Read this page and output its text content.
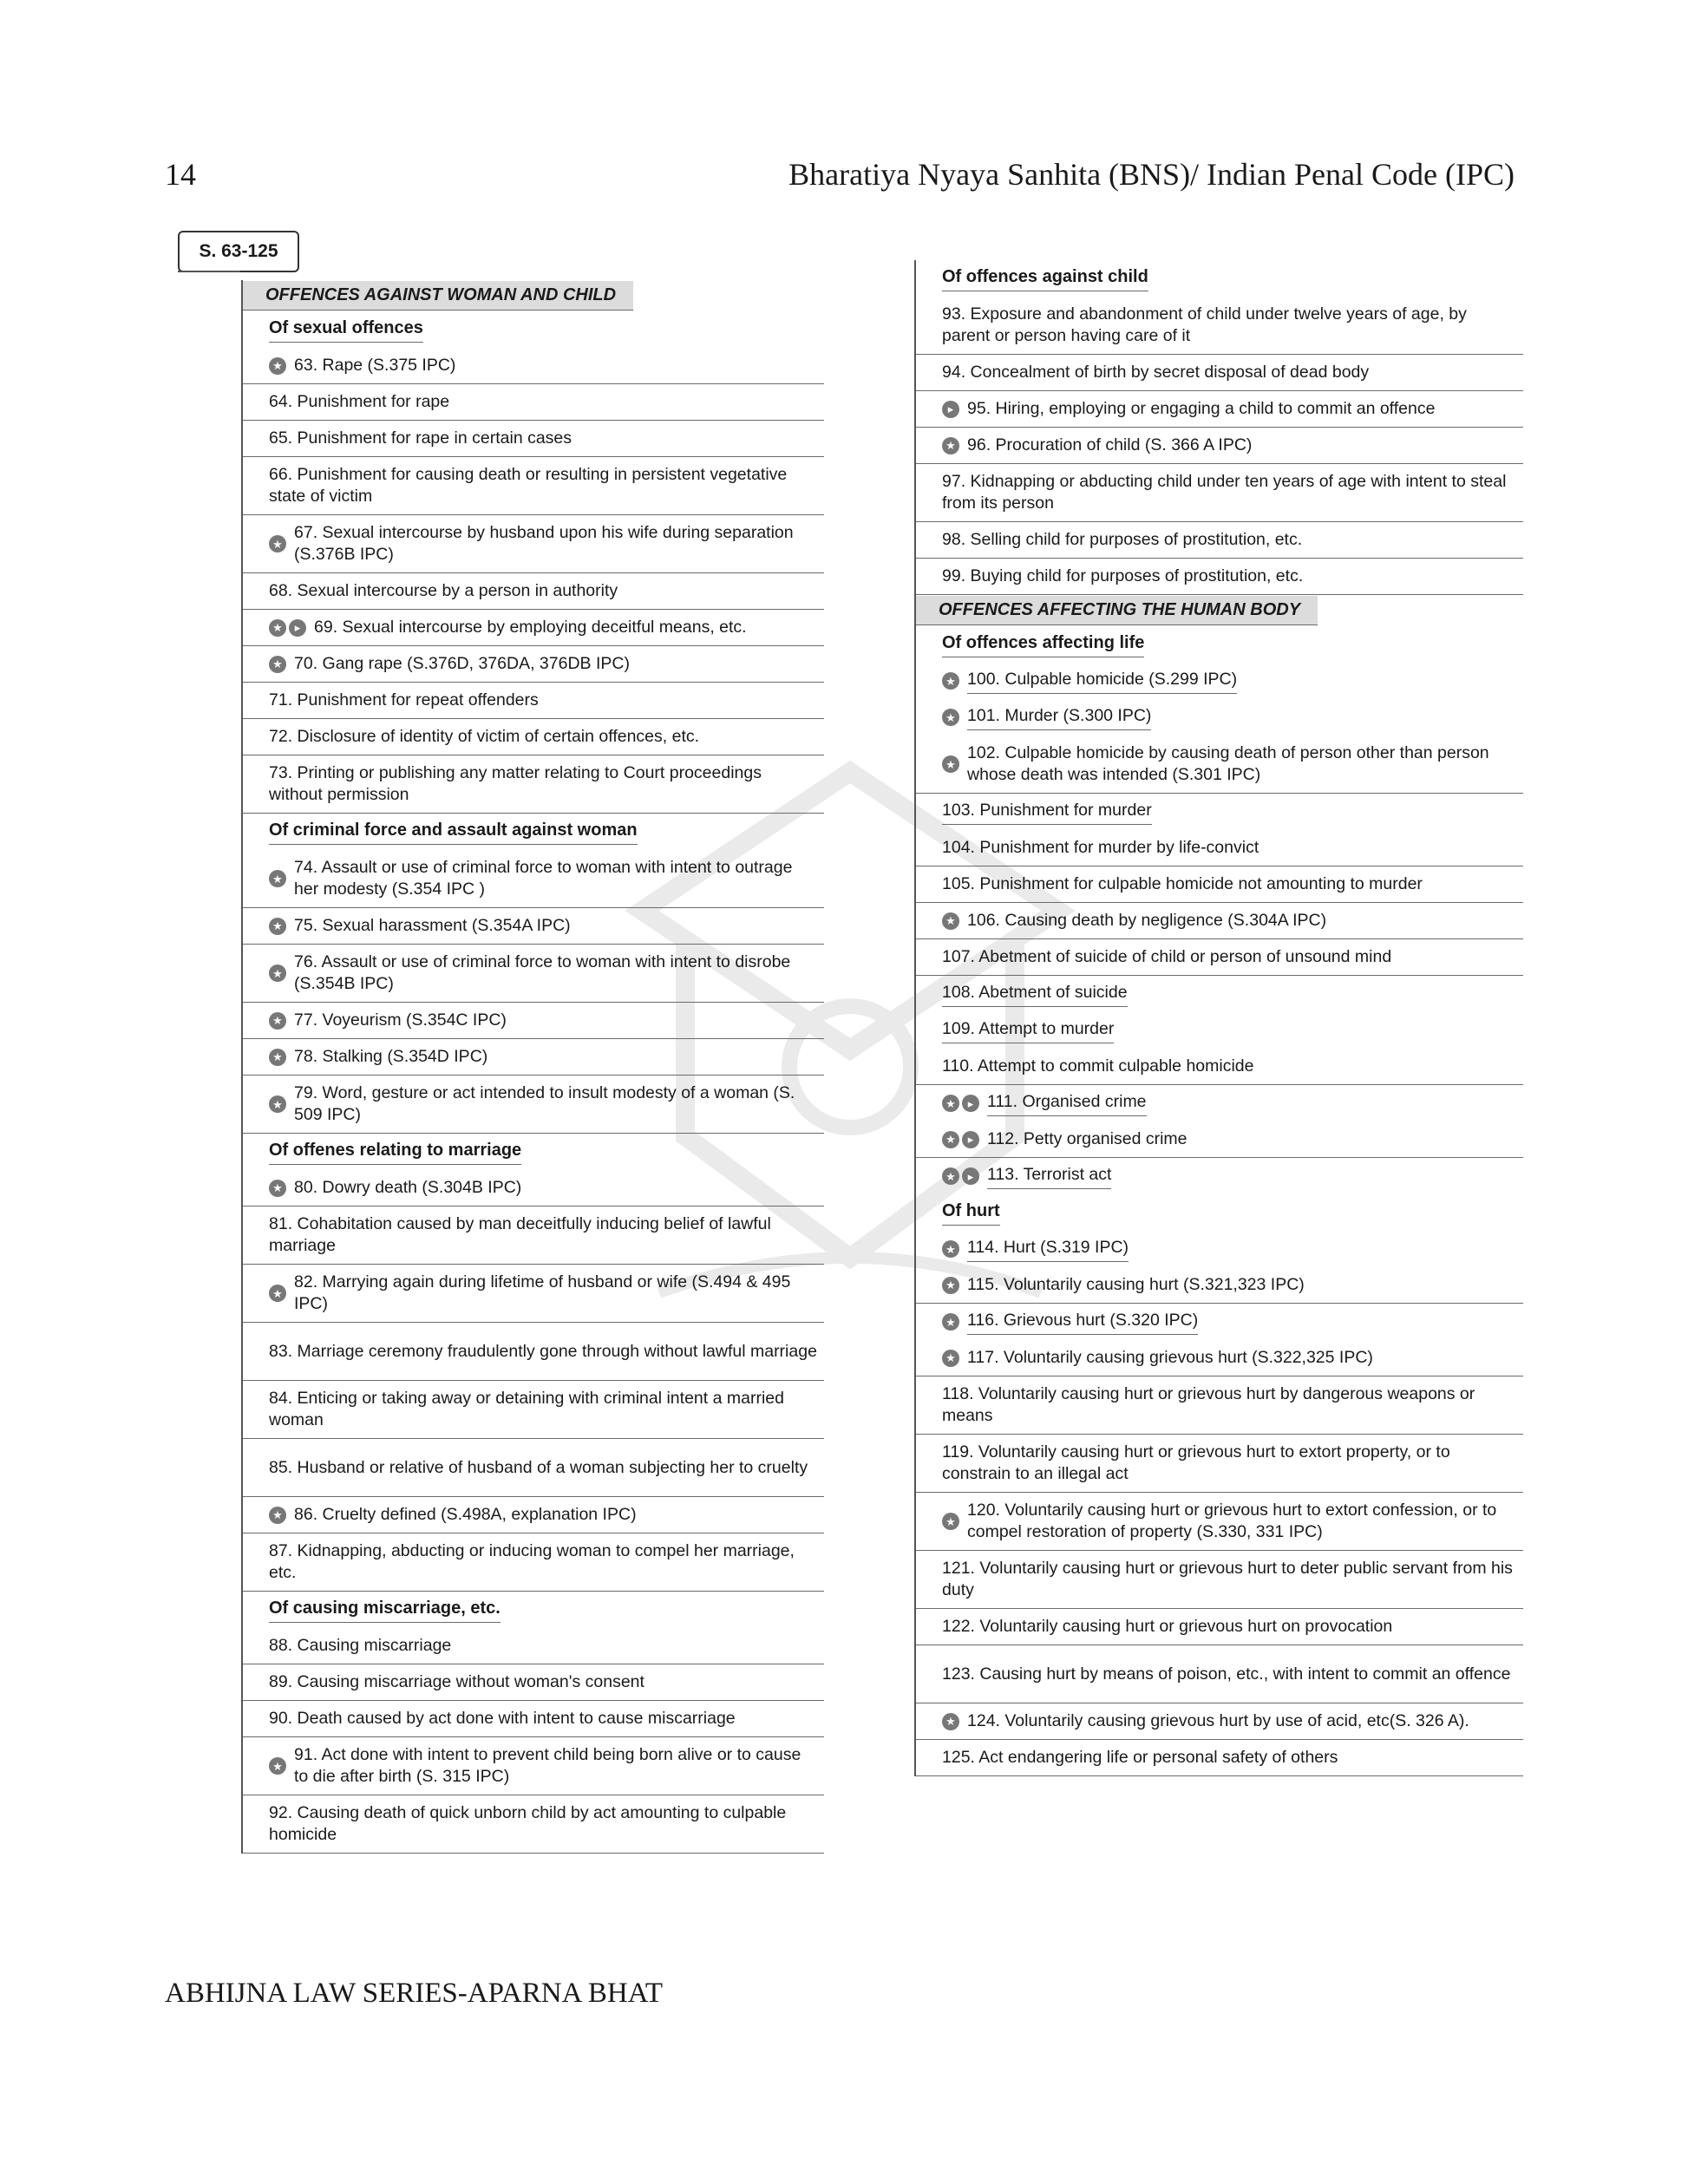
14	Bharatiya Nyaya Sanhita (BNS)/ Indian Penal Code (IPC)
S. 63-125
OFFENCES AGAINST WOMAN AND CHILD
Of sexual offences
★ 63. Rape (S.375 IPC)
64. Punishment for rape
65. Punishment for rape in certain cases
66. Punishment for causing death or resulting in persistent vegetative state of victim
★
67. Sexual intercourse by husband upon his wife during separation (S.376B IPC)
68. Sexual intercourse by a person in authority
★	▸ 69. Sexual intercourse by employing deceitful means, etc.
★ 70. Gang rape (S.376D, 376DA, 376DB IPC)
71. Punishment for repeat offenders
72. Disclosure of identity of victim of certain offences, etc.
73. Printing or publishing any matter relating to Court proceedings without permission
Of criminal force and assault against woman
★
74. Assault or use of criminal force to woman with intent to outrage her modesty (S.354 IPC )
★ 75. Sexual harassment (S.354A IPC)
★
76. Assault or use of criminal force to woman with intent to disrobe (S.354B IPC)
★ 77. Voyeurism (S.354C IPC)
★ 78. Stalking (S.354D IPC)
★
79. Word, gesture or act intended to insult modesty of a woman (S. 509 IPC)
Of offenes relating to marriage
★ 80. Dowry death (S.304B IPC)
81. Cohabitation caused by man deceitfully inducing belief of lawful marriage
★
82. Marrying again during lifetime of husband or wife (S.494 & 495 IPC)
83. Marriage ceremony fraudulently gone through without lawful marriage
84. Enticing or taking away or detaining with criminal intent a married woman
85. Husband or relative of husband of a woman subjecting her to cruelty
★ 86. Cruelty defined (S.498A, explanation IPC)
87. Kidnapping, abducting or inducing woman to compel her marriage, etc.
Of causing miscarriage, etc.
88. Causing miscarriage
89. Causing miscarriage without woman's consent
90. Death caused by act done with intent to cause miscarriage
★
91. Act done with intent to prevent child being born alive or to cause to die after birth (S. 315 IPC)
92. Causing death of quick unborn child by act amounting to culpable homicide
Of offences against child
93. Exposure and abandonment of child under twelve years of age, by parent or person having care of it
94. Concealment of birth by secret disposal of dead body
▸ 95. Hiring, employing or engaging a child to commit an offence
★ 96. Procuration of child (S. 366 A IPC)
97. Kidnapping or abducting child under ten years of age with intent to steal from its person
98. Selling child for purposes of prostitution, etc.
99. Buying child for purposes of prostitution, etc.
OFFENCES AFFECTING THE HUMAN BODY
Of offences affecting life
★ 100. Culpable homicide (S.299 IPC)
★ 101. Murder (S.300 IPC)
★
102. Culpable homicide by causing death of person other than person whose death was intended (S.301 IPC)
103. Punishment for murder
104. Punishment for murder by life-convict
105. Punishment for culpable homicide not amounting to murder
★ 106. Causing death by negligence (S.304A IPC)
107. Abetment of suicide of child or person of unsound mind
108. Abetment of suicide
109. Attempt to murder
110. Attempt to commit culpable homicide
★	▸ 111. Organised crime
★	▸ 112. Petty organised crime
★	▸ 113. Terrorist act
Of hurt
★ 114. Hurt (S.319 IPC)
★ 115. Voluntarily causing hurt (S.321,323 IPC)
★ 116. Grievous hurt (S.320 IPC)
★ 117. Voluntarily causing grievous hurt (S.322,325 IPC)
118. Voluntarily causing hurt or grievous hurt by dangerous weapons or means
119. Voluntarily causing hurt or grievous hurt to extort property, or to constrain to an illegal act
★
120. Voluntarily causing hurt or grievous hurt to extort confession, or to compel restoration of property (S.330, 331 IPC)
121. Voluntarily causing hurt or grievous hurt to deter public servant from his duty
122. Voluntarily causing hurt or grievous hurt on provocation
123. Causing hurt by means of poison, etc., with intent to commit an offence
★ 124. Voluntarily causing grievous hurt by use of acid, etc(S. 326 A).
125. Act endangering life or personal safety of others
ABHIJNA LAW SERIES-APARNA BHAT
